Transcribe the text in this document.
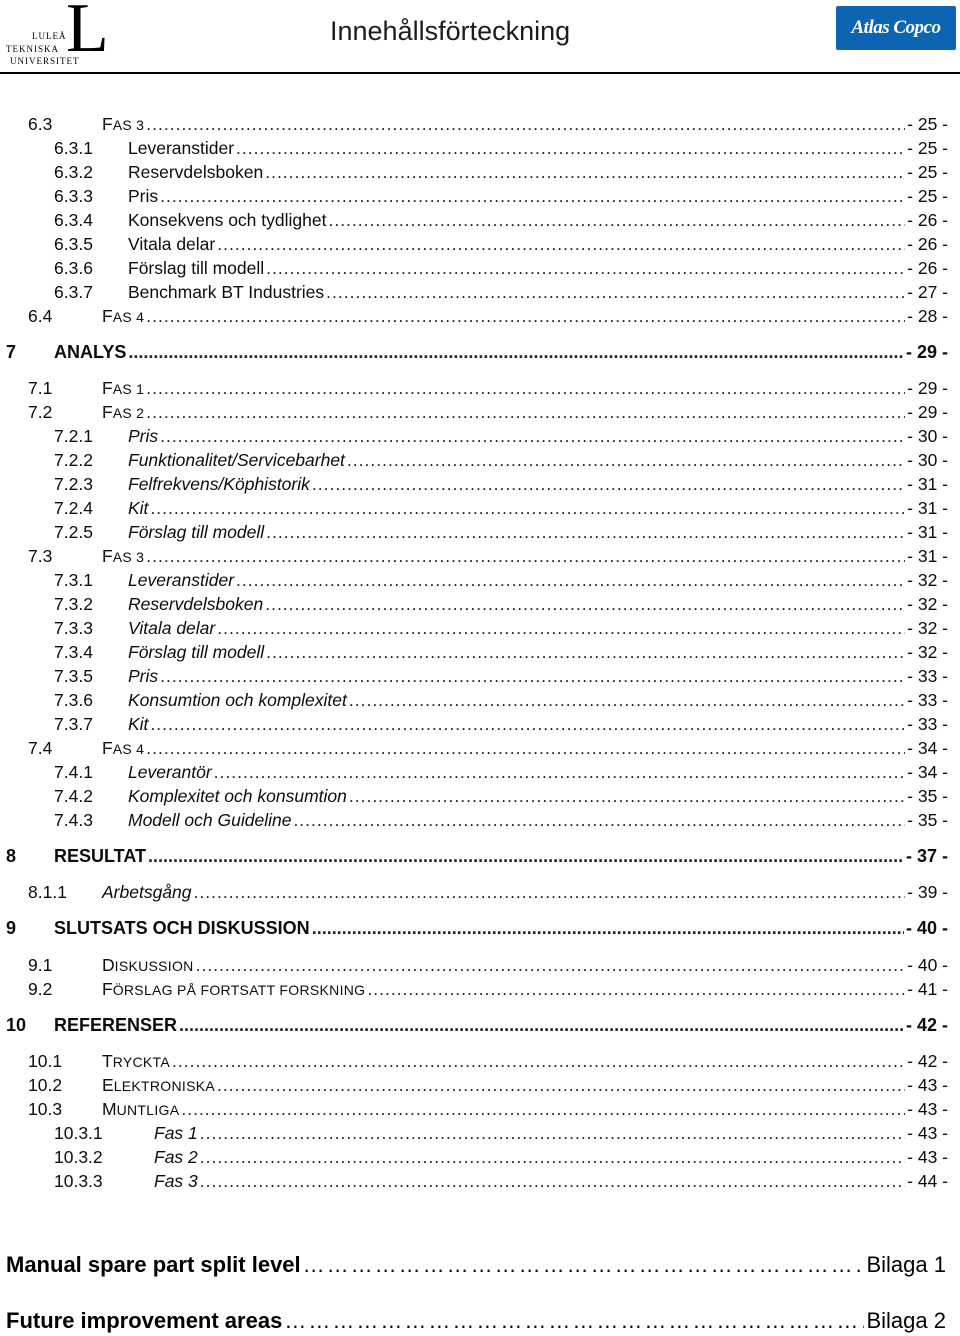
L
LULEÅ
TEKNISKA
UNIVERSITET
Innehållsförteckning	Atlas Copco
6.3	FAS 3 .....	- 25 -
6.3.1	Leveranstider .....	- 25 -
6.3.2	Reservdelsboken .....	- 25 -
6.3.3	Pris .....	- 25 -
6.3.4	Konsekvens och tydlighet .....	- 26 -
6.3.5	Vitala delar .....	- 26 -
6.3.6	Förslag till modell .....	- 26 -
6.3.7	Benchmark BT Industries .....	- 27 -
6.4	FAS 4 .....	- 28 -
7	ANALYS .....	- 29 -
7.1	FAS 1 .....	- 29 -
7.2	FAS 2 .....	- 29 -
7.2.1	Pris .....	- 30 -
7.2.2	Funktionalitet/Servicebarhet .....	- 30 -
7.2.3	Felfrekvens/Köphistorik .....	- 31 -
7.2.4	Kit .....	- 31 -
7.2.5	Förslag till modell .....	- 31 -
7.3	FAS 3 .....	- 31 -
7.3.1	Leveranstider .....	- 32 -
7.3.2	Reservdelsboken .....	- 32 -
7.3.3	Vitala delar .....	- 32 -
7.3.4	Förslag till modell .....	- 32 -
7.3.5	Pris .....	- 33 -
7.3.6	Konsumtion och komplexitet .....	- 33 -
7.3.7	Kit .....	- 33 -
7.4	FAS 4 .....	- 34 -
7.4.1	Leverantör .....	- 34 -
7.4.2	Komplexitet och konsumtion .....	- 35 -
7.4.3	Modell och Guideline .....	- 35 -
8	RESULTAT .....	- 37 -
8.1.1	Arbetsgång .....	- 39 -
9	SLUTSATS OCH DISKUSSION .....	- 40 -
9.1	DISKUSSION .....	- 40 -
9.2	FÖRSLAG PÅ FORTSATT FORSKNING .....	- 41 -
10	REFERENSER .....	- 42 -
10.1	TRYCKTA .....	- 42 -
10.2	ELEKTRONISKA .....	- 43 -
10.3	MUNTLIGA .....	- 43 -
10.3.1	Fas 1 .....	- 43 -
10.3.2	Fas 2 .....	- 43 -
10.3.3	Fas 3 .....	- 44 -
Manual spare part split level ………………………………………………………………………………………………………………………………………………………………………………	Bilaga 1
Future improvement areas ………………………………………………………………………………………………………………………………………………………………………………	Bilaga 2
